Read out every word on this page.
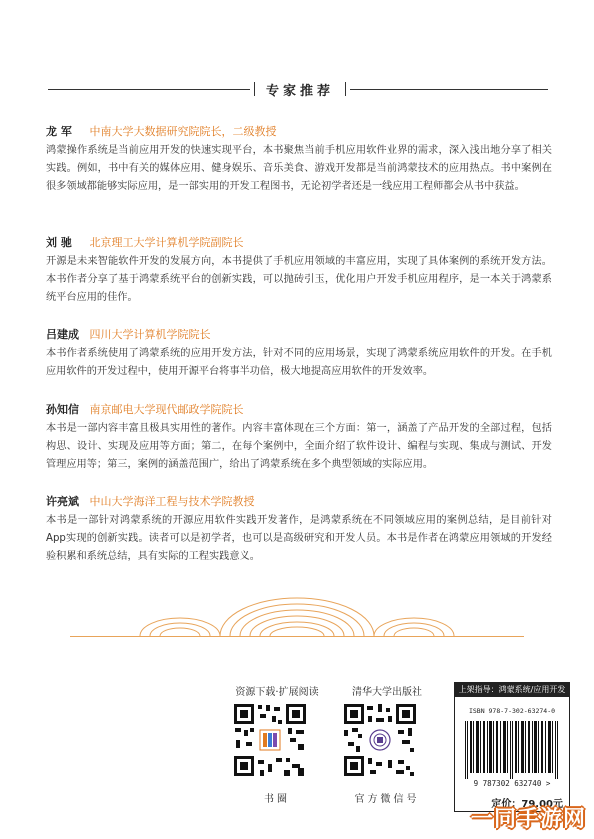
专家推荐
龙 军 中南大学大数据研究院院长，二级教授
鸿蒙操作系统是当前应用开发的快速实现平台，本书聚焦当前手机应用软件业界的需求，深入浅出地分享了相关实践。例如，书中有关的媒体应用、健身娱乐、音乐美食、游戏开发都是当前鸿蒙技术的应用热点。书中案例在很多领域都能够实际应用，是一部实用的开发工程图书，无论初学者还是一线应用工程师都会从书中获益。
刘 驰 北京理工大学计算机学院副院长
开源是未来智能软件开发的发展方向，本书提供了手机应用领域的丰富应用，实现了具体案例的系统开发方法。本书作者分享了基于鸿蒙系统平台的创新实践，可以抛砖引玉，优化用户开发手机应用程序，是一本关于鸿蒙系统平台应用的佳作。
吕建成 四川大学计算机学院院长
本书作者系统使用了鸿蒙系统的应用开发方法，针对不同的应用场景，实现了鸿蒙系统应用软件的开发。在手机应用软件的开发过程中，使用开源平台将事半功倍，极大地提高应用软件的开发效率。
孙知信 南京邮电大学现代邮政学院院长
本书是一部内容丰富且极具实用性的著作。内容丰富体现在三个方面：第一，涵盖了产品开发的全部过程，包括构思、设计、实现及应用等方面；第二，在每个案例中，全面介绍了软件设计、编程与实现、集成与测试、开发管理应用等；第三，案例的涵盖范围广，给出了鸿蒙系统在多个典型领域的实际应用。
许亮斌 中山大学海洋工程与技术学院教授
本书是一部针对鸿蒙系统的开源应用软件实践开发著作，是鸿蒙系统在不同领域应用的案例总结，是目前针对App实现的创新实践。读者可以是初学者，也可以是高级研究和开发人员。本书是作者在鸿蒙应用领域的开发经验积累和系统总结，具有实际的工程实践意义。
资源下载·扩展阅读
书圈
清华大学出版社
官方微信号
上架指导：鸿蒙系统/应用开发
ISBN 978-7-302-63274-0
9 787302 632740 >
定价：79.00元
一同手游网
